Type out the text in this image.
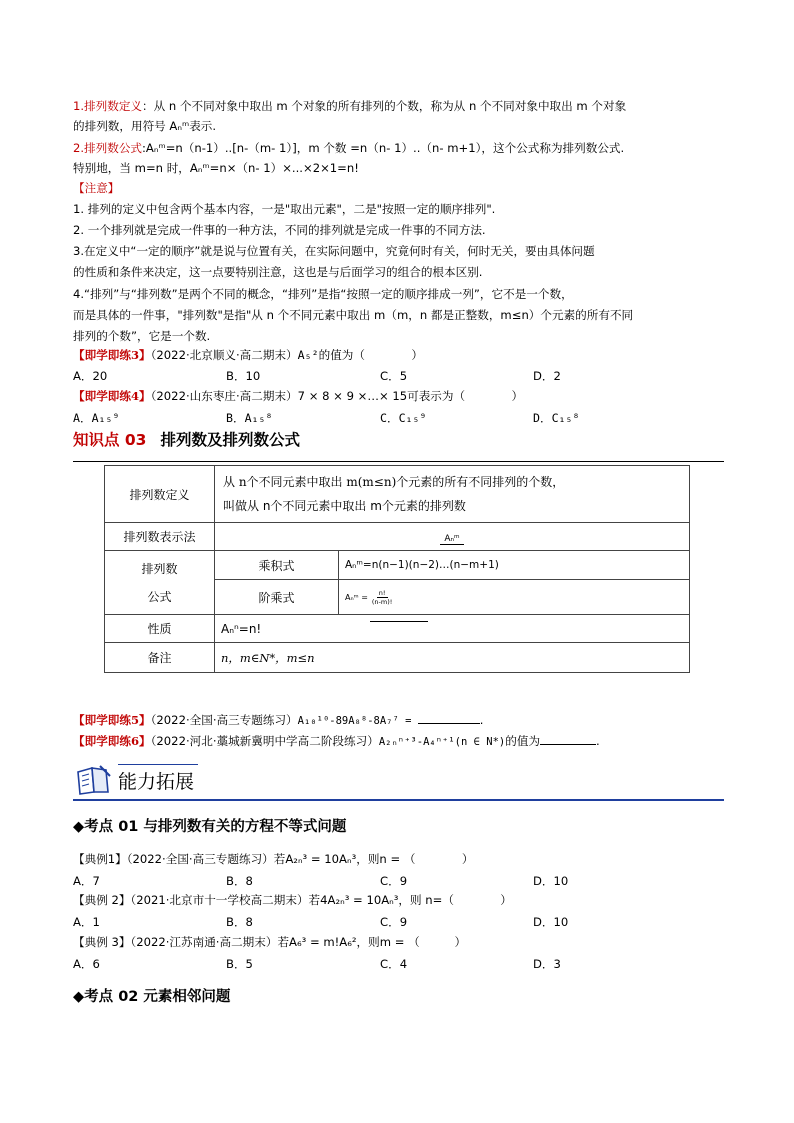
1.排列数定义：从 n 个不同对象中取出 m 个对象的所有排列的个数，称为从 n 个不同对象中取出 m 个对象
的排列数，用符号 Aₙᵐ表示.
2.排列数公式:Aₙᵐ=n（n-1）..[n-（m- 1）]，m 个数 =n（n- 1）..（n- m+1），这个公式称为排列数公式.
特别地，当 m=n 时，Aₙᵐ=n×（n- 1）×...×2×1=n!
【注意】
1. 排列的定义中包含两个基本内容，一是"取出元素"，二是"按照一定的顺序排列".
2. 一个排列就是完成一件事的一种方法，不同的排列就是完成一件事的不同方法.
3.在定义中“一定的顺序”就是说与位置有关，在实际问题中，究竟何时有关，何时无关，要由具体问题
的性质和条件来决定，这一点要特别注意，这也是与后面学习的组合的根本区别.
4.“排列”与“排列数”是两个不同的概念，“排列”是指“按照一定的顺序排成一列”，它不是一个数，
而是具体的一件事，"排列数"是指"从 n 个不同元素中取出 m（m，n 都是正整数，m≤n）个元素的所有不同
排列的个数”，它是一个数.
【即学即练3】（2022·北京顺义·高二期末）A₅²的值为（　　　　）
A．20	B．10	C．5	D．2
【即学即练4】（2022·山东枣庄·高二期末）7 × 8 × 9 ×…× 15可表示为（　　　　）
A．A₁₅⁹	B．A₁₅⁸	C．C₁₅⁹	D．C₁₅⁸
知识点 03 排列数及排列数公式
排列数定义	从 n个不同元素中取出 m(m≤n)个元素的所有不同排列的个数，
叫做从 n个不同元素中取出 m个元素的排列数	

排列数表示法	Aₙᵐ	

排列数
公式	乘积式	Aₙᵐ=n(n−1)(n−2)…(n−m+1)
	阶乘式	Aₙᵐ = $\frac{n!}{(n-m)!}$

性质	Aₙⁿ=n!	
备注	n，m∈N*，m≤n	
【即学即练5】（2022·全国·高三专题练习）A₁₀¹⁰-89A₈⁸-8A₇⁷ =	.
【即学即练6】（2022·河北·藁城新冀明中学高二阶段练习）A₂ₙⁿ⁺³-A₄ⁿ⁺¹(n ∈ N*)的值为	.
能力拓展
◆考点 01 与排列数有关的方程不等式问题
【典例1】（2022·全国·高三专题练习）若A₂ₙ³ = 10Aₙ³，则n = （　　　　）
A．7	B．8	C．9	D．10
【典例 2】（2021·北京市十一学校高二期末）若4A₂ₙ³ = 10Aₙ³，则 n=（　　　　）
A．1	B．8	C．9	D．10
【典例 3】（2022·江苏南通·高二期末）若A₆³ = m!A₆²，则m = （　　　）
A．6	B．5	C．4	D．3
◆考点 02 元素相邻问题
